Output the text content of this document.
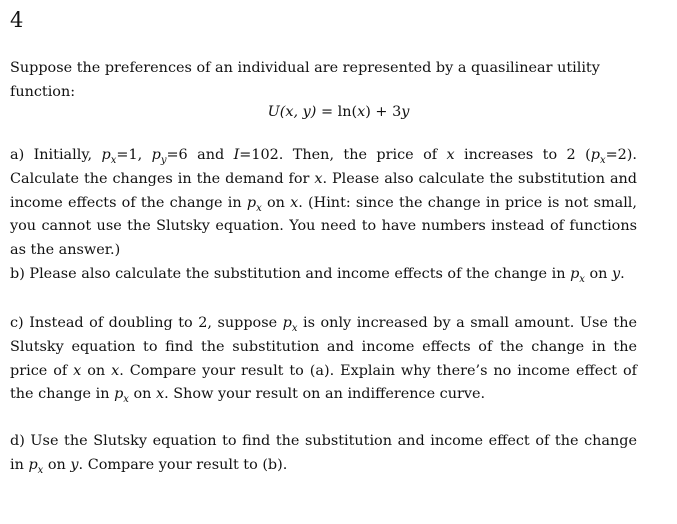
4
Suppose the preferences of an individual are represented by a quasilinear utility function:
U(x, y) = ln(x) + 3y
a) Initially, $p_x=1$, $p_y=6$ and I=102. Then, the price of x increases to 2 $(p_x=2)$. Calculate the changes in the demand for x. Please also calculate the substitution and income effects of the change in $p_x$ on x. (Hint: since the change in price is not small, you cannot use the Slutsky equation. You need to have numbers instead of functions as the answer.)
b) Please also calculate the substitution and income effects of the change in $p_x$ on y.
c) Instead of doubling to 2, suppose $p_x$ is only increased by a small amount. Use the Slutsky equation to find the substitution and income effects of the change in the price of x on x. Compare your result to (a). Explain why there’s no income effect of the change in $p_x$ on x. Show your result on an indifference curve.
d) Use the Slutsky equation to find the substitution and income effect of the change in $p_x$ on y. Compare your result to (b).
